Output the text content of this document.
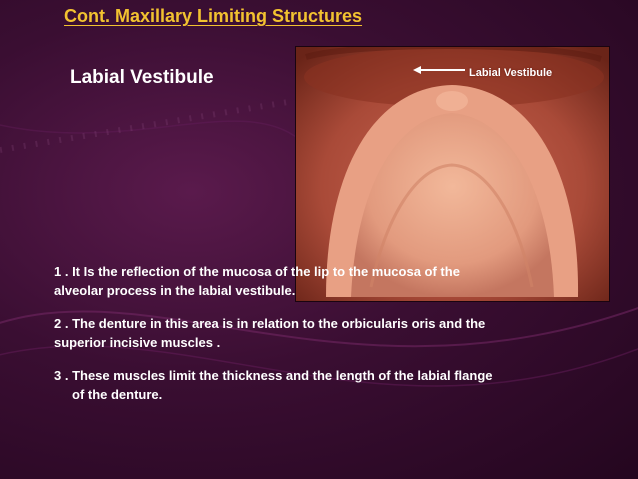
Cont. Maxillary Limiting Structures
Labial Vestibule	Labial Vestibule

1 . It Is the reflection of the mucosa of the lip to the mucosa of the
alveolar process in the labial vestibule.

2 . The denture in this area is in relation to the orbicularis oris and the
superior incisive muscles .

3 . These muscles limit the thickness and the length of the labial flange

of the denture.
